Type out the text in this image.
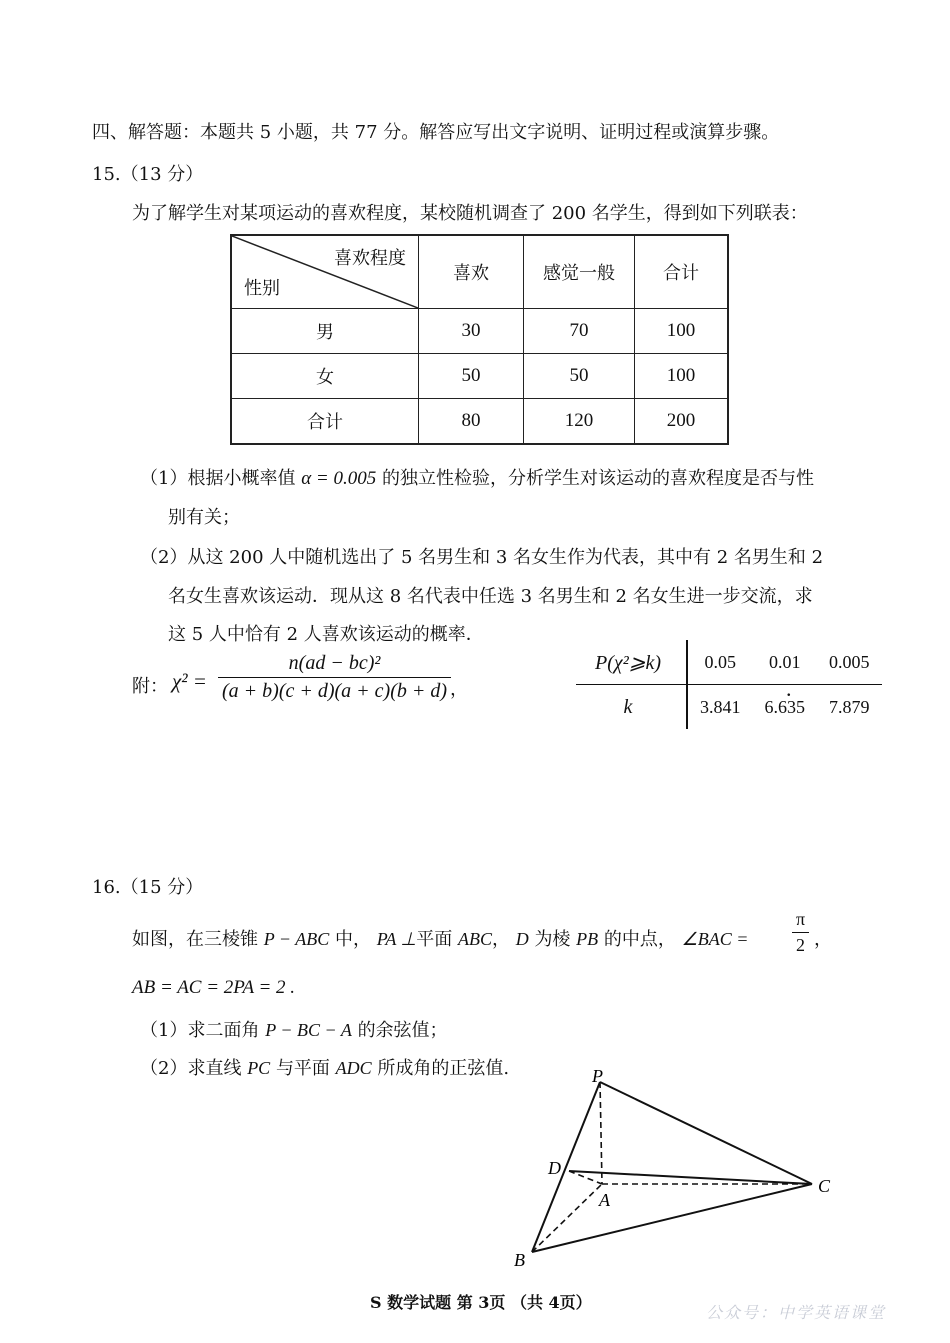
四、解答题：本题共 5 小题，共 77 分。解答应写出文字说明、证明过程或演算步骤。
15.（13 分）
为了解学生对某项运动的喜欢程度，某校随机调查了 200 名学生，得到如下列联表：
喜欢程度
性别	喜欢	感觉一般	合计
男	30	70	100
女	50	50	100
合计	80	120	200
（1）根据小概率值 α = 0.005 的独立性检验，分析学生对该运动的喜欢程度是否与性
别有关；
（2）从这 200 人中随机选出了 5 名男生和 3 名女生作为代表，其中有 2 名男生和 2
名女生喜欢该运动．现从这 8 名代表中任选 3 名男生和 2 名女生进一步交流，求
这 5 人中恰有 2 人喜欢该运动的概率．
附： $\chi^2 = \frac{\text{n(ad − bc)²}}{(a + b)(c + d)(a + c)(b + d)}$
，
P(χ²⩾k)	0.05	0.01	0.005
k	3.841	6.635	7.879
.
16.（15 分）
如图，在三棱锥 P − ABC 中， PA ⊥平面 ABC， D 为棱 PB 的中点， ∠BAC = $\frac{\pi}{2}$ ，
AB = AC = 2PA = 2 .
（1）求二面角 P − BC − A 的余弦值；
（2）求直线 PC 与平面 ADC 所成角的正弦值.	P
D
A
C
B
S 数学试题 第 3页 （共 4页）
公众号：中学英语课堂
